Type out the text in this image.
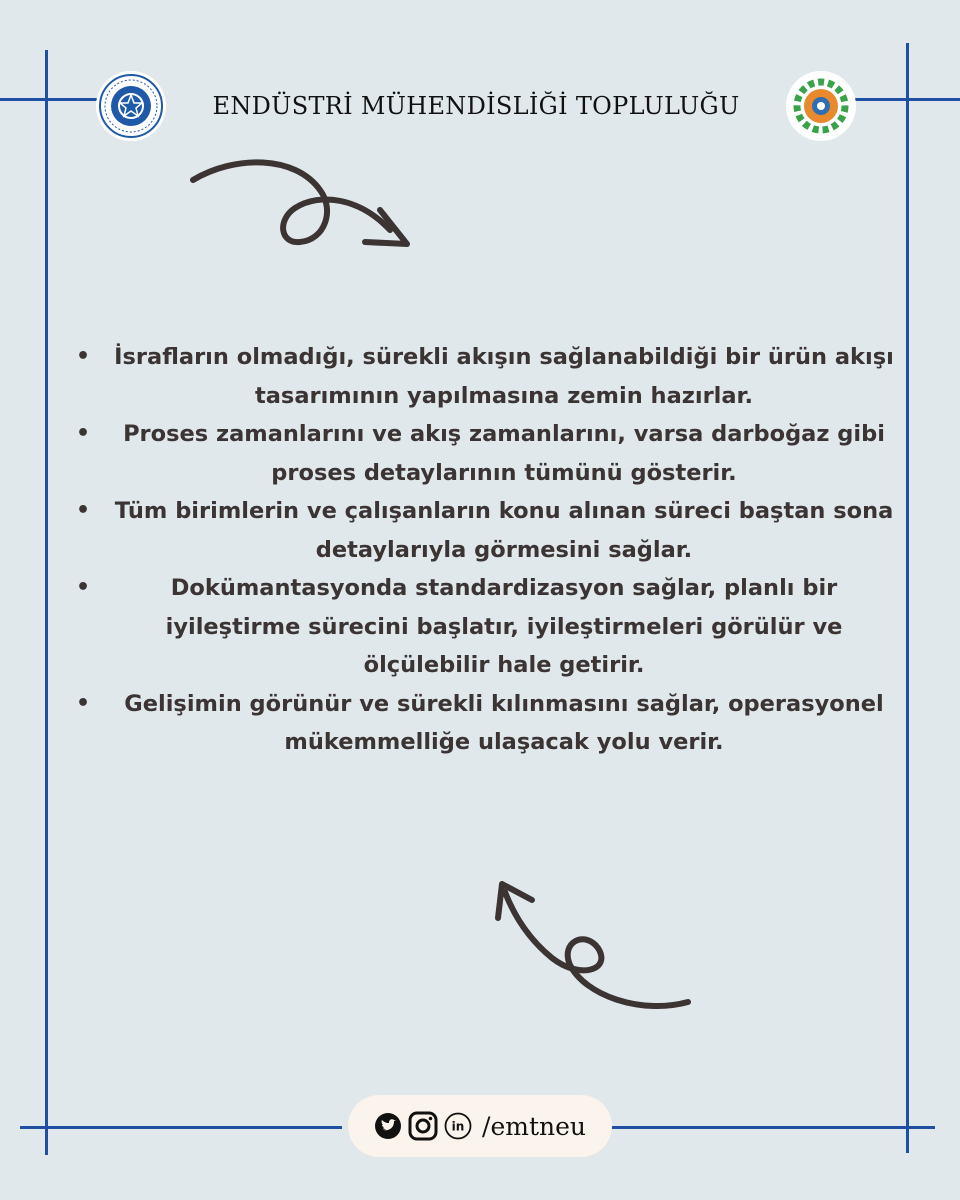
ENDÜSTRİ MÜHENDİSLİĞİ TOPLULUĞU
• İsrafların olmadığı, sürekli akışın sağlanabildiği bir ürün akışı tasarımının yapılmasına zemin hazırlar.
• Proses zamanlarını ve akış zamanlarını, varsa darboğaz gibi proses detaylarının tümünü gösterir.
• Tüm birimlerin ve çalışanların konu alınan süreci baştan sona detaylarıyla görmesini sağlar.
•	Dokümantasyonda standardizasyon sağlar, planlı bir iyileştirme sürecini başlatır, iyileştirmeleri görülür ve ölçülebilir hale getirir.
• Gelişimin görünür ve sürekli kılınmasını sağlar, operasyonel mükemmelliğe ulaşacak yolu verir.
in /emtneu
